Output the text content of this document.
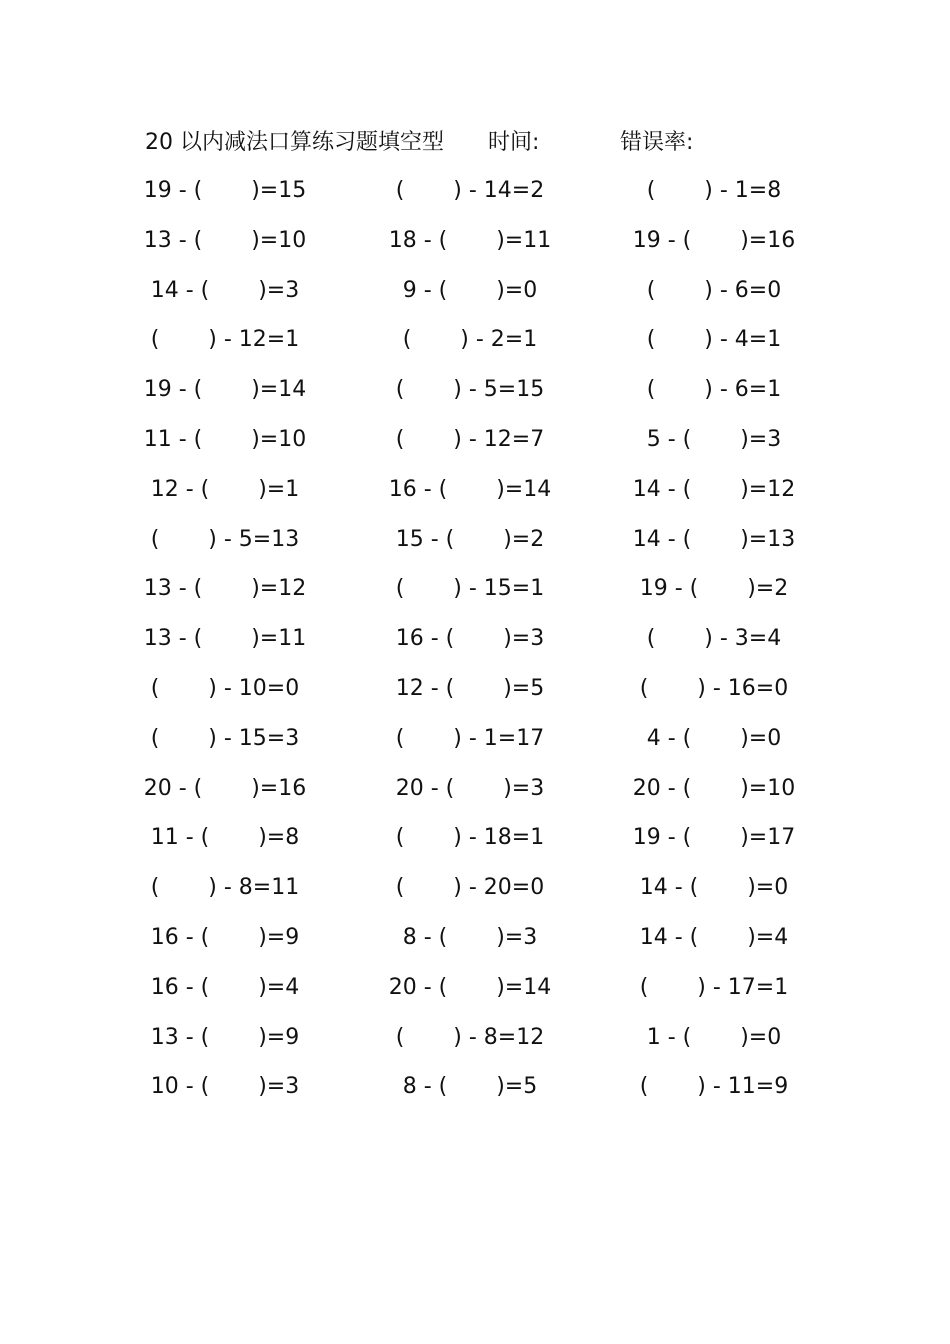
20 以内减法口算练习题填空型 时间:	错误率:
19 - (       )=15	(       ) - 14=2	(       ) - 1=8
13 - (       )=10	18 - (       )=11	19 - (       )=16
14 - (       )=3	9 - (       )=0	(       ) - 6=0
(       ) - 12=1	(       ) - 2=1	(       ) - 4=1
19 - (       )=14	(       ) - 5=15	(       ) - 6=1
11 - (       )=10	(       ) - 12=7	5 - (       )=3
12 - (       )=1	16 - (       )=14	14 - (       )=12
(       ) - 5=13	15 - (       )=2	14 - (       )=13
13 - (       )=12	(       ) - 15=1	19 - (       )=2
13 - (       )=11	16 - (       )=3	(       ) - 3=4
(       ) - 10=0	12 - (       )=5	(       ) - 16=0
(       ) - 15=3	(       ) - 1=17	4 - (       )=0
20 - (       )=16	20 - (       )=3	20 - (       )=10
11 - (       )=8	(       ) - 18=1	19 - (       )=17
(       ) - 8=11	(       ) - 20=0	14 - (       )=0
16 - (       )=9	8 - (       )=3	14 - (       )=4
16 - (       )=4	20 - (       )=14	(       ) - 17=1
13 - (       )=9	(       ) - 8=12	1 - (       )=0
10 - (       )=3	8 - (       )=5	(       ) - 11=9
